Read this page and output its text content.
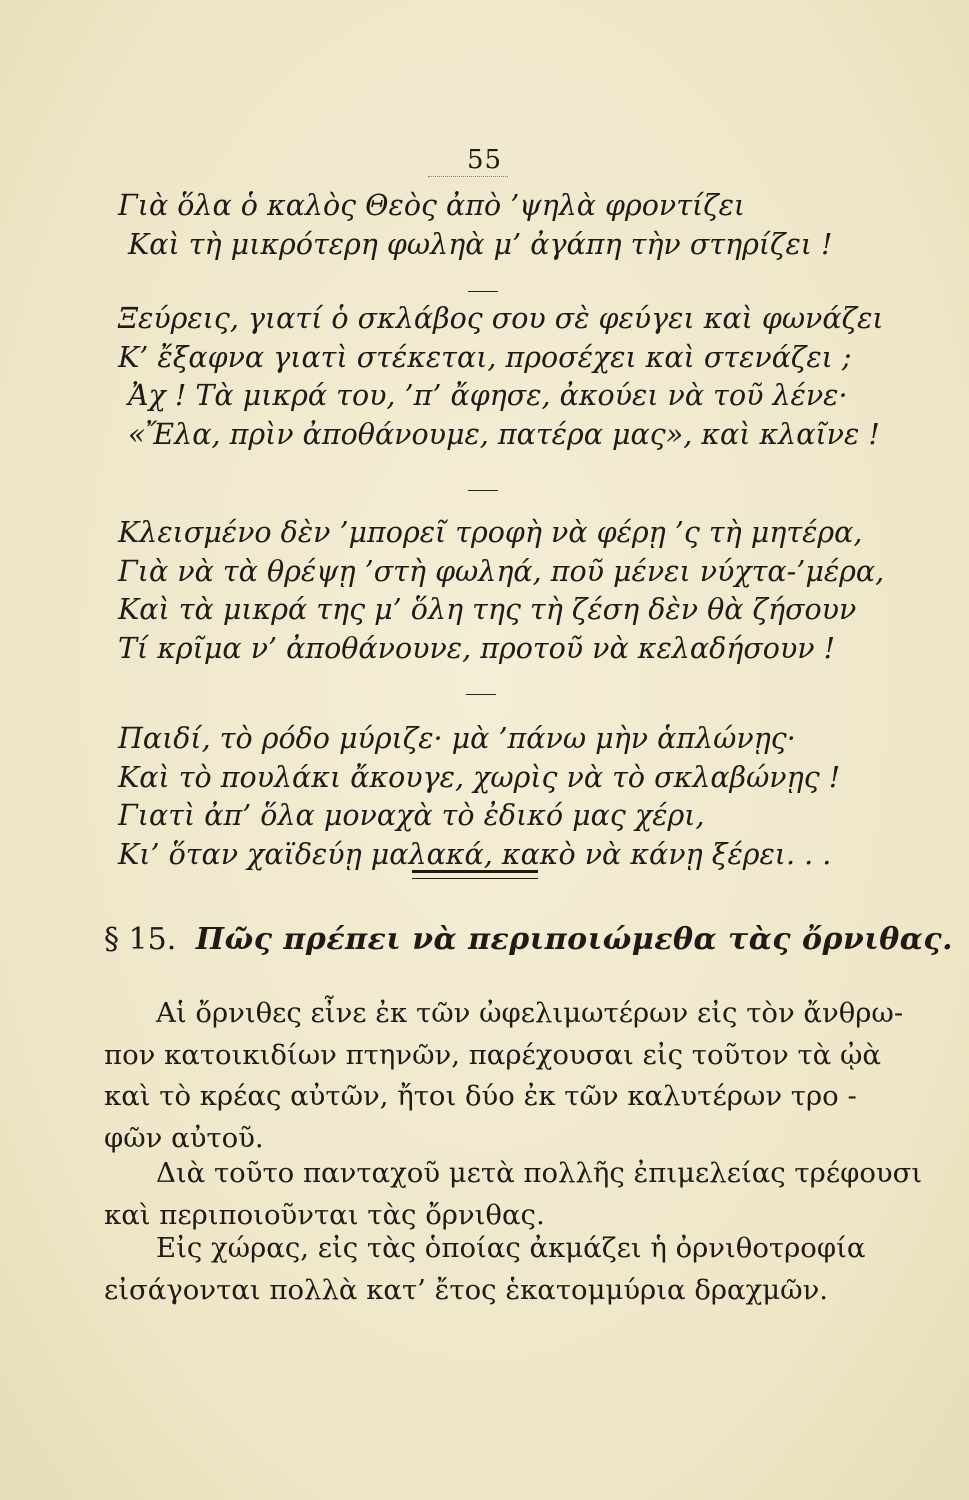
55
Γιὰ ὅλα ὁ καλὸς Θεὸς ἀπὸ ’ψηλὰ φροντίζει
Καὶ τὴ μικρότερη φωληὰ μ’ ἀγάπη τὴν στηρίζει !
Ξεύρεις, γιατί ὁ σκλάβος σου σὲ φεύγει καὶ φωνάζει
Κ’ ἔξαφνα γιατὶ στέκεται, προσέχει καὶ στενάζει ;
Ἀχ ! Τὰ μικρά του, ’π’ ἄφησε, ἀκούει νὰ τοῦ λένε·
«Ἔλα, πρὶν ἀποθάνουμε, πατέρα μας», καὶ κλαῖνε !
Κλεισμένο δὲν ’μπορεῖ τροφὴ νὰ φέρῃ ’ς τὴ μητέρα,
Γιὰ νὰ τὰ θρέψῃ ’στὴ φωληά, ποῦ μένει νύχτα-’μέρα,
Καὶ τὰ μικρά της μ’ ὅλη της τὴ ζέση δὲν θὰ ζήσουν
Τί κρῖμα ν’ ἀποθάνουνε, προτοῦ νὰ κελαδήσουν !
Παιδί, τὸ ρόδο μύριζε· μὰ ’πάνω μὴν ἁπλώνῃς·
Καὶ τὸ πουλάκι ἄκουγε, χωρὶς νὰ τὸ σκλαβώνῃς !
Γιατὶ ἀπ’ ὅλα μοναχὰ τὸ ἐδικό μας χέρι,
Κι’ ὅταν χαϊδεύῃ μαλακά, κακὸ νὰ κάνῃ ξέρει. . .
§ 15. Πῶς πρέπει νὰ περιποιώμεθα τὰς ὄρνιθας.
Αἱ ὄρνιθες εἶνε ἐκ τῶν ὠφελιμωτέρων εἰς τὸν ἄνθρω-
πον κατοικιδίων πτηνῶν, παρέχουσαι εἰς τοῦτον τὰ ᾠὰ
καὶ τὸ κρέας αὐτῶν, ἤτοι δύο ἐκ τῶν καλυτέρων τρο -
φῶν αὐτοῦ.
Διὰ τοῦτο πανταχοῦ μετὰ πολλῆς ἐπιμελείας τρέφουσι
καὶ περιποιοῦνται τὰς ὄρνιθας.
Εἰς χώρας, εἰς τὰς ὁποίας ἀκμάζει ἡ ὀρνιθοτροφία
εἰσάγονται πολλὰ κατ’ ἔτος ἑκατομμύρια δραχμῶν.
